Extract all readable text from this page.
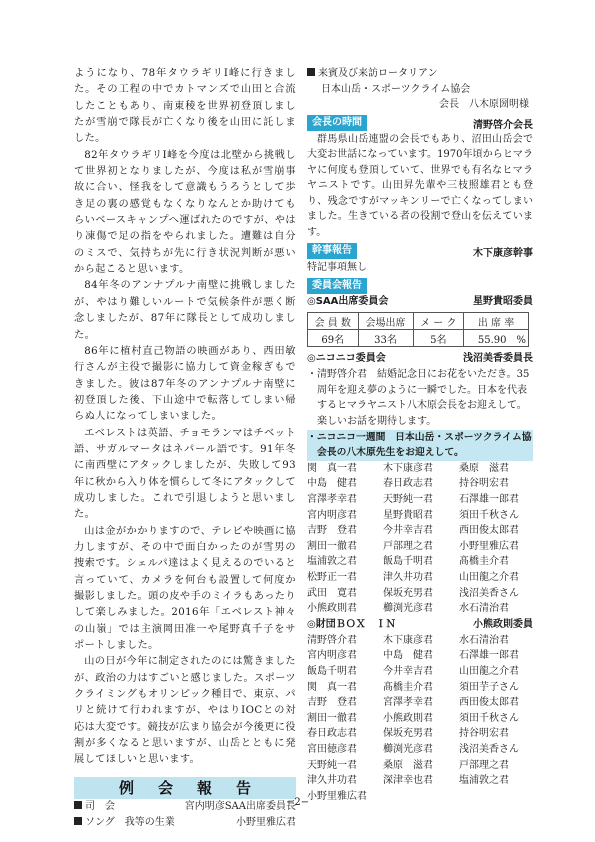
ようになり、78年タウラギリⅠ峰に行きました。その工程の中でカトマンズで山田と合流したこともあり、南東稜を世界初登頂しましたが雪崩で隊長が亡くなり後を山田に託しました。

82年タウラギリⅠ峰を今度は北壁から挑戦して世界初となりましたが、今度は私が雪崩事故に合い、怪我をして意識もうろうとして歩き足の裏の感覚もなくなりなんとか助けてもらいベースキャンプへ運ばれたのですが、やはり凍傷で足の指をやられました。遭難は自分のミスで、気持ちが先に行き状況判断が悪いから起こると思います。

84年冬のアンナプルナ南壁に挑戦しましたが、やはり難しいルートで気候条件が悪く断念しましたが、87年に隊長として成功しました。

86年に植村直己物語の映画があり、西田敏行さんが主役で撮影に協力して資金稼ぎもできました。彼は87年冬のアンナプルナ南壁に初登頂した後、下山途中で転落してしまい帰らぬ人になってしまいました。

エベレストは英語、チョモランマはチベット語、サガルマータはネパール語です。91年冬に南西壁にアタックしましたが、失敗して93年に秋から入り体を慣らして冬にアタックして成功しました。これで引退しようと思いました。

山は金がかかりますので、テレビや映画に協力しますが、その中で面白かったのが雪男の捜索です。シェルパ達はよく見えるのでいると言っていて、カメラを何台も設置して何度か撮影しました。頭の皮や手のミイラもあったりして楽しみました。2016年「エベレスト神々の山嶺」では主演岡田准一や尾野真千子をサポートしました。

山の日が今年に制定されたのには驚きましたが、政治の力はすごいと感じました。スポーツクライミングもオリンピック種目で、東京、パリと続けて行われますが、やはりIOCとの対応は大変です。競技が広まり協会が今後更に役割が多くなると思いますが、山岳とともに発展してほしいと思います。

例会報告
司　会	宮内明彦SAA出席委員長
ソング　我等の生業	小野里雅広君
来賓及び来訪ロータリアン
日本山岳・スポーツクライム協会
会長　八木原圀明様
会長の時間	清野啓介会長

群馬県山岳連盟の会長でもあり、沼田山岳会で大変お世話になっています。1970年頃からヒマラヤに何度も登頂していて、世界でも有名なヒマラヤニストです。山田昇先輩や三枝照雄君とも登り、残念ですがマッキンリーで亡くなってしまいました。生きている者の役割で登山を伝えています。

幹事報告	木下康彦幹事

特記事項無し

委員会報告
◎SAA出席委員会	星野貴昭委員
会 員 数	会場出席	メ ー ク	出 席 率
69名	33名	5名	55.90　%
◎ニコニコ委員会	浅沼美香委員長

・清野啓介君　結婚記念日にお花をいただき。35周年を迎え夢のように一瞬でした。日本を代表するヒマラヤニスト八木原会長をお迎えして。楽しいお話を期待します。

・ニコニコ一週間　日本山岳・スポーツクライム協会長の八木原先生をお迎えして。

関　真一君	木下康彦君	桑原　滋君
中島　健君	春日政志君	持谷明宏君
宮澤孝幸君	天野純一君	石澤雄一郎君
宮内明彦君	星野貴昭君	須田千秋さん
吉野　登君	今井幸吉君	西田俊太郎君
割田一徹君	戸部理之君	小野里雅広君
塩浦敦之君	飯島千明君	髙橋圭介君
松野正一君	津久井功君	山田龍之介君
武田　寛君	保坂充男君	浅沼美香さん
小熊政則君	櫛渕光彦君	水石清治君
◎財団ＢＯＸ　ＩＮ	小熊政則委員
清野啓介君	木下康彦君	水石清治君
宮内明彦君	中島　健君	石澤雄一郎君
飯島千明君	今井幸吉君	山田龍之介君
関　真一君	髙橋圭介君	須田芋子さん
吉野　登君	宮澤孝幸君	西田俊太郎君
割田一徹君	小熊政則君	須田千秋さん
春日政志君	保坂充男君	持谷明宏君
宮田徳彦君	櫛渕光彦君	浅沼美香さん
天野純一君	桑原　滋君	戸部理之君
津久井功君	深津幸也君	塩浦敦之君
小野里雅広君
−2−
